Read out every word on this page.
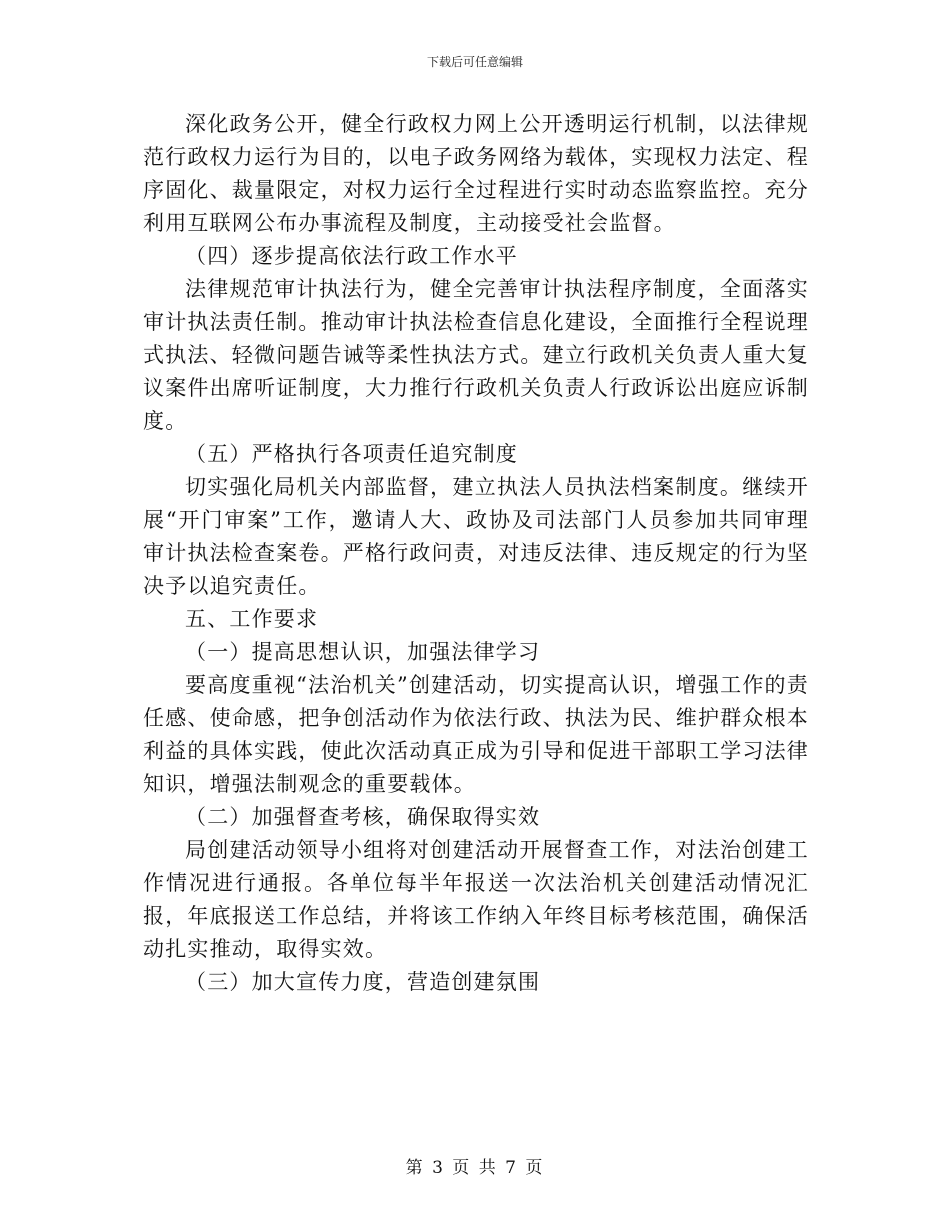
下载后可任意编辑

深化政务公开，健全行政权力网上公开透明运行机制，以法律规范行政权力运行为目的，以电子政务网络为载体，实现权力法定、程序固化、裁量限定，对权力运行全过程进行实时动态监察监控。充分利用互联网公布办事流程及制度，主动接受社会监督。

（四）逐步提高依法行政工作水平

法律规范审计执法行为，健全完善审计执法程序制度，全面落实审计执法责任制。推动审计执法检查信息化建设，全面推行全程说理式执法、轻微问题告诫等柔性执法方式。建立行政机关负责人重大复议案件出席听证制度，大力推行行政机关负责人行政诉讼出庭应诉制度。

（五）严格执行各项责任追究制度

切实强化局机关内部监督，建立执法人员执法档案制度。继续开展“开门审案”工作，邀请人大、政协及司法部门人员参加共同审理审计执法检查案卷。严格行政问责，对违反法律、违反规定的行为坚决予以追究责任。

五、工作要求

（一）提高思想认识，加强法律学习

要高度重视“法治机关”创建活动，切实提高认识，增强工作的责任感、使命感，把争创活动作为依法行政、执法为民、维护群众根本利益的具体实践，使此次活动真正成为引导和促进干部职工学习法律知识，增强法制观念的重要载体。

（二）加强督查考核，确保取得实效

局创建活动领导小组将对创建活动开展督查工作，对法治创建工作情况进行通报。各单位每半年报送一次法治机关创建活动情况汇报，年底报送工作总结，并将该工作纳入年终目标考核范围，确保活动扎实推动，取得实效。

（三）加大宣传力度，营造创建氛围

第 3 页 共 7 页
